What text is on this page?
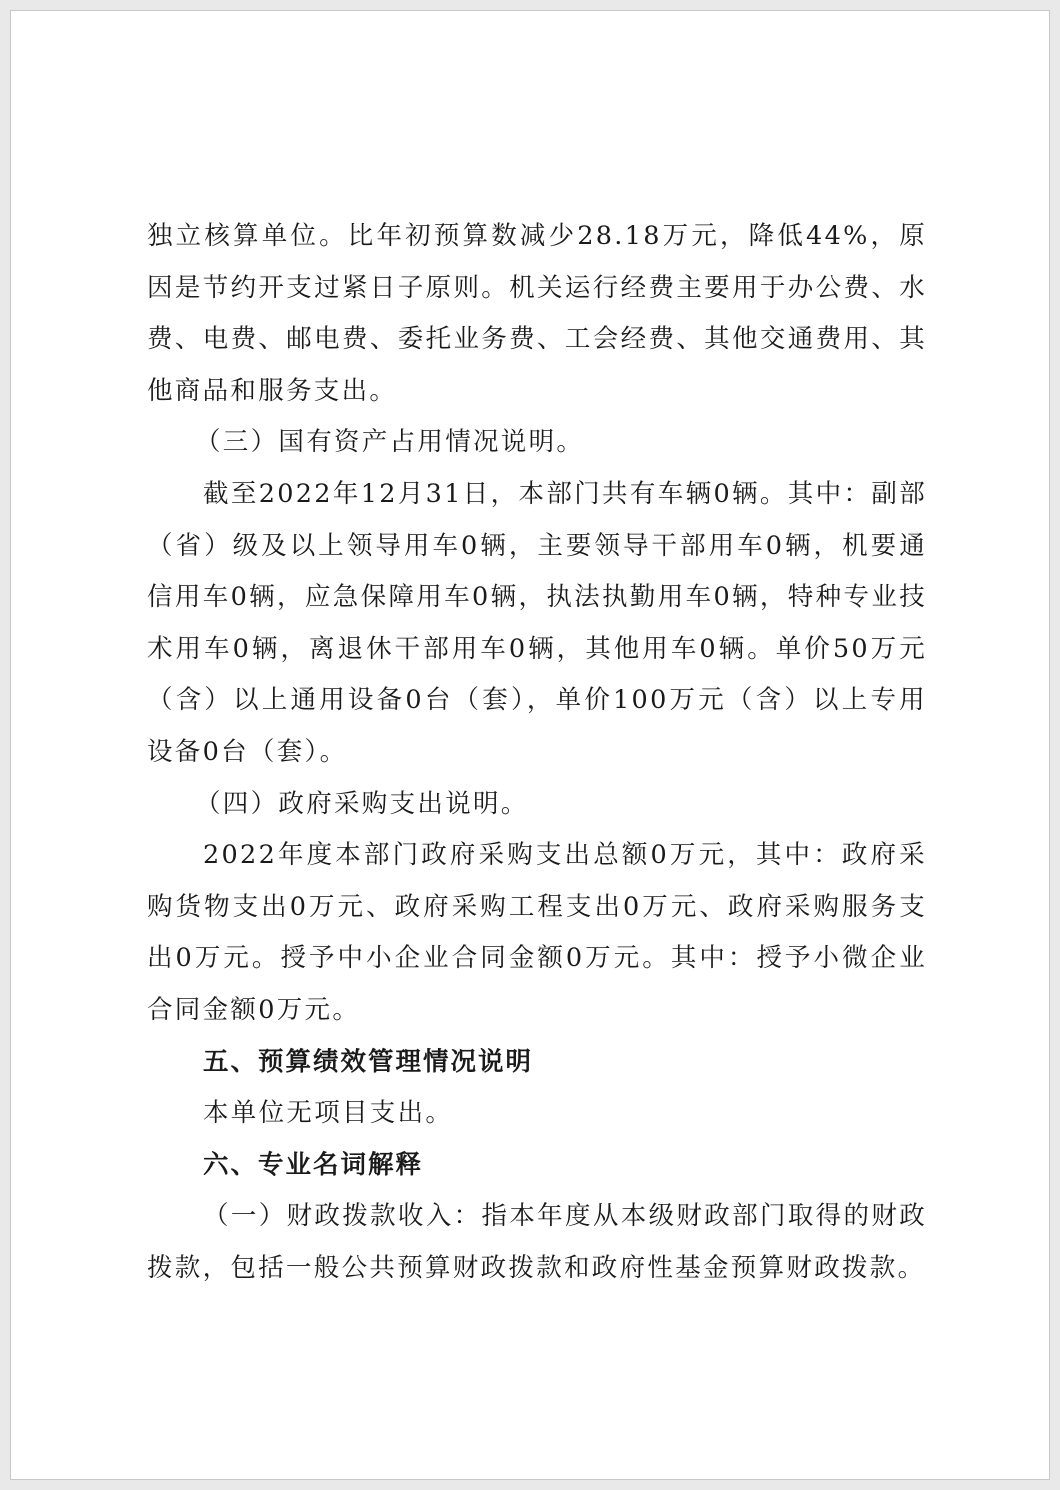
独立核算单位。比年初预算数减少28.18万元，降低44%，原因是节约开支过紧日子原则。机关运行经费主要用于办公费、水费、电费、邮电费、委托业务费、工会经费、其他交通费用、其他商品和服务支出。

（三）国有资产占用情况说明。

截至2022年12月31日，本部门共有车辆0辆。其中：副部（省）级及以上领导用车0辆，主要领导干部用车0辆，机要通信用车0辆，应急保障用车0辆，执法执勤用车0辆，特种专业技术用车0辆，离退休干部用车0辆，其他用车0辆。单价50万元（含）以上通用设备0台（套），单价100万元（含）以上专用设备0台（套）。

（四）政府采购支出说明。

2022年度本部门政府采购支出总额0万元，其中：政府采购货物支出0万元、政府采购工程支出0万元、政府采购服务支出0万元。授予中小企业合同金额0万元。其中：授予小微企业合同金额0万元。

五、预算绩效管理情况说明

本单位无项目支出。

六、专业名词解释

（一）财政拨款收入：指本年度从本级财政部门取得的财政拨款，包括一般公共预算财政拨款和政府性基金预算财政拨款。
